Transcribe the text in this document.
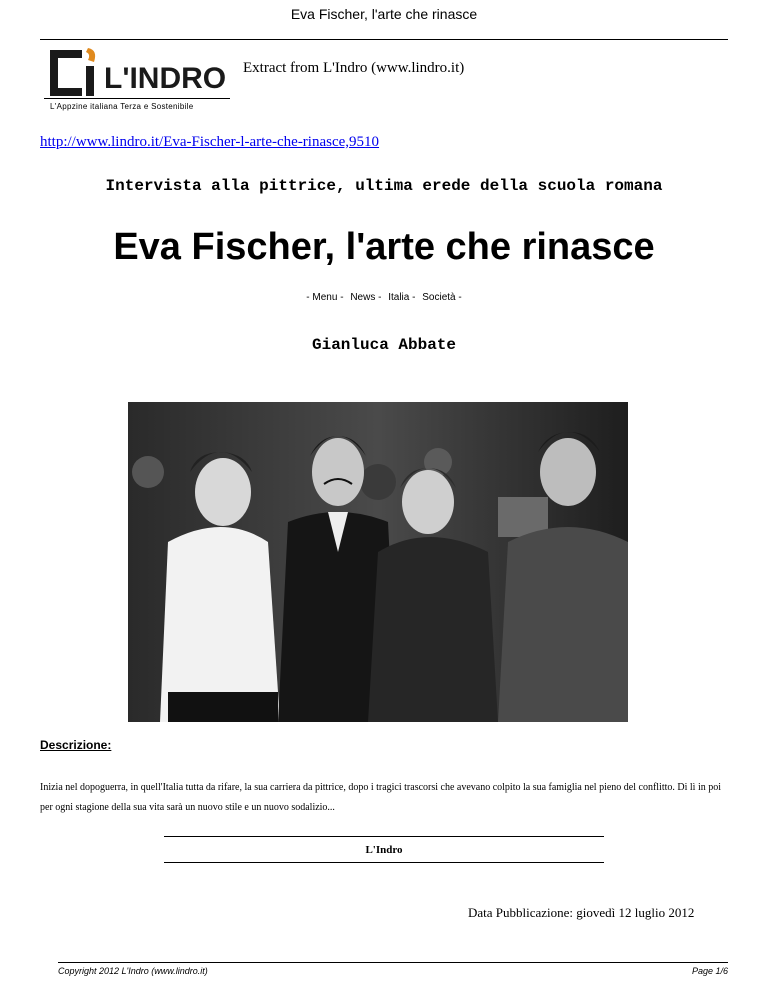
Eva Fischer, l'arte che rinasce
L'INDRO
L'Appzine italiana Terza e Sostenibile
Extract from L'Indro (www.lindro.it)
http://www.lindro.it/Eva-Fischer-l-arte-che-rinasce,9510
Intervista alla pittrice, ultima erede della scuola romana
Eva Fischer, l'arte che rinasce
- Menu - News - Italia - Società -
Gianluca Abbate
Descrizione:
Inizia nel dopoguerra, in quell'Italia tutta da rifare, la sua carriera da pittrice, dopo i tragici trascorsi che avevano colpito la sua famiglia nel pieno del conflitto. Di lì in poi per ogni stagione della sua vita sarà un nuovo stile e un nuovo sodalizio...
L'Indro
Data Pubblicazione: giovedì 12 luglio 2012
Copyright 2012 L'Indro (www.lindro.it)	Page 1/6
